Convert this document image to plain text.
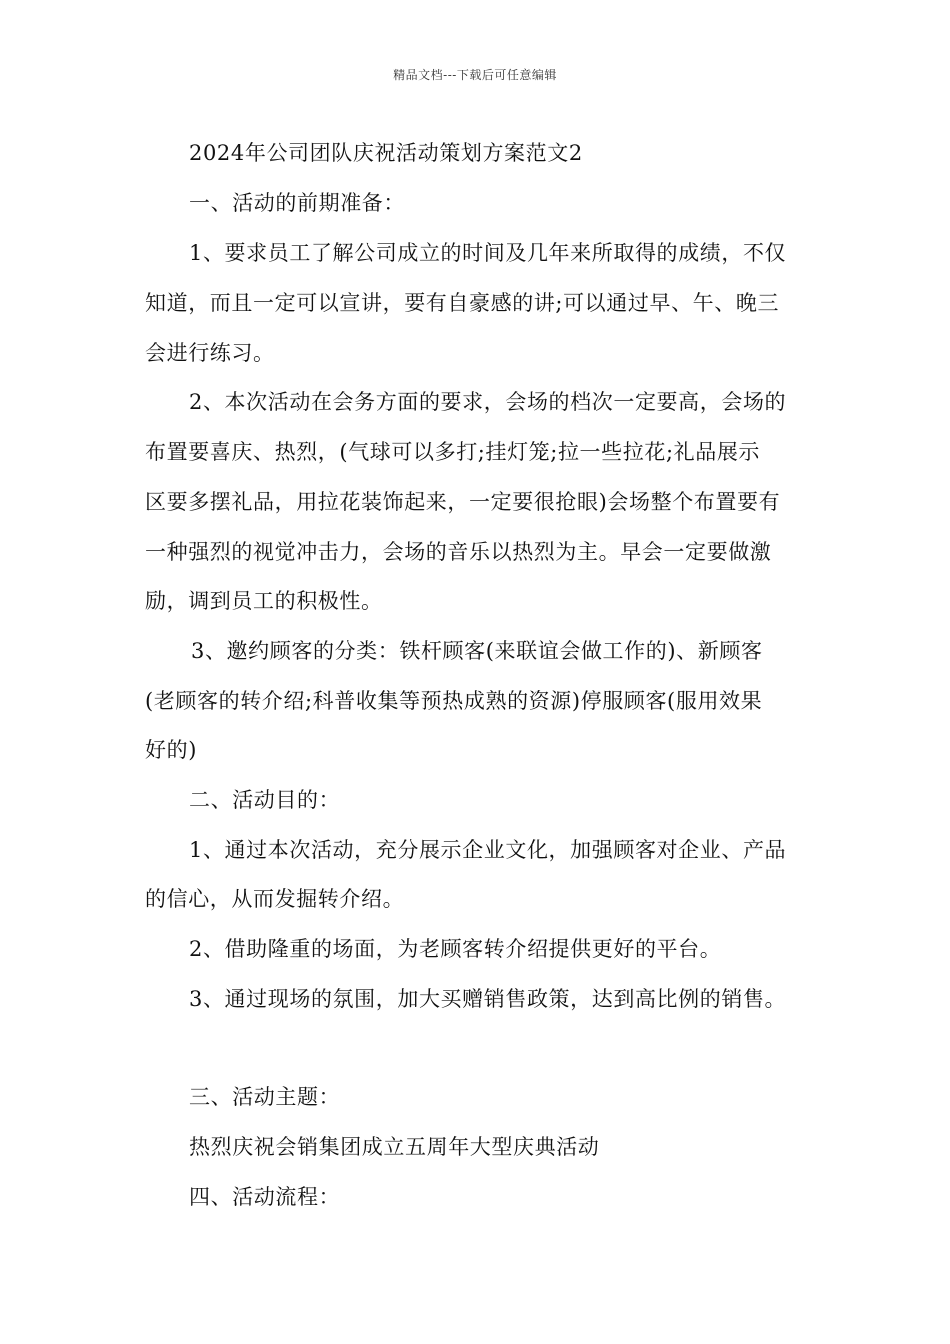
精品文档---下载后可任意编辑
2024年公司团队庆祝活动策划方案范文2
一、活动的前期准备：
1、要求员工了解公司成立的时间及几年来所取得的成绩，不仅
知道，而且一定可以宣讲，要有自豪感的讲;可以通过早、午、晚三
会进行练习。
2、本次活动在会务方面的要求，会场的档次一定要高，会场的
布置要喜庆、热烈，(气球可以多打;挂灯笼;拉一些拉花;礼品展示
区要多摆礼品，用拉花装饰起来，一定要很抢眼)会场整个布置要有
一种强烈的视觉冲击力，会场的音乐以热烈为主。早会一定要做激
励，调到员工的积极性。
3、邀约顾客的分类：铁杆顾客(来联谊会做工作的)、新顾客
(老顾客的转介绍;科普收集等预热成熟的资源)停服顾客(服用效果
好的)
二、活动目的：
1、通过本次活动，充分展示企业文化，加强顾客对企业、产品
的信心，从而发掘转介绍。
2、借助隆重的场面，为老顾客转介绍提供更好的平台。
3、通过现场的氛围，加大买赠销售政策，达到高比例的销售。
三、活动主题：
热烈庆祝会销集团成立五周年大型庆典活动
四、活动流程：
